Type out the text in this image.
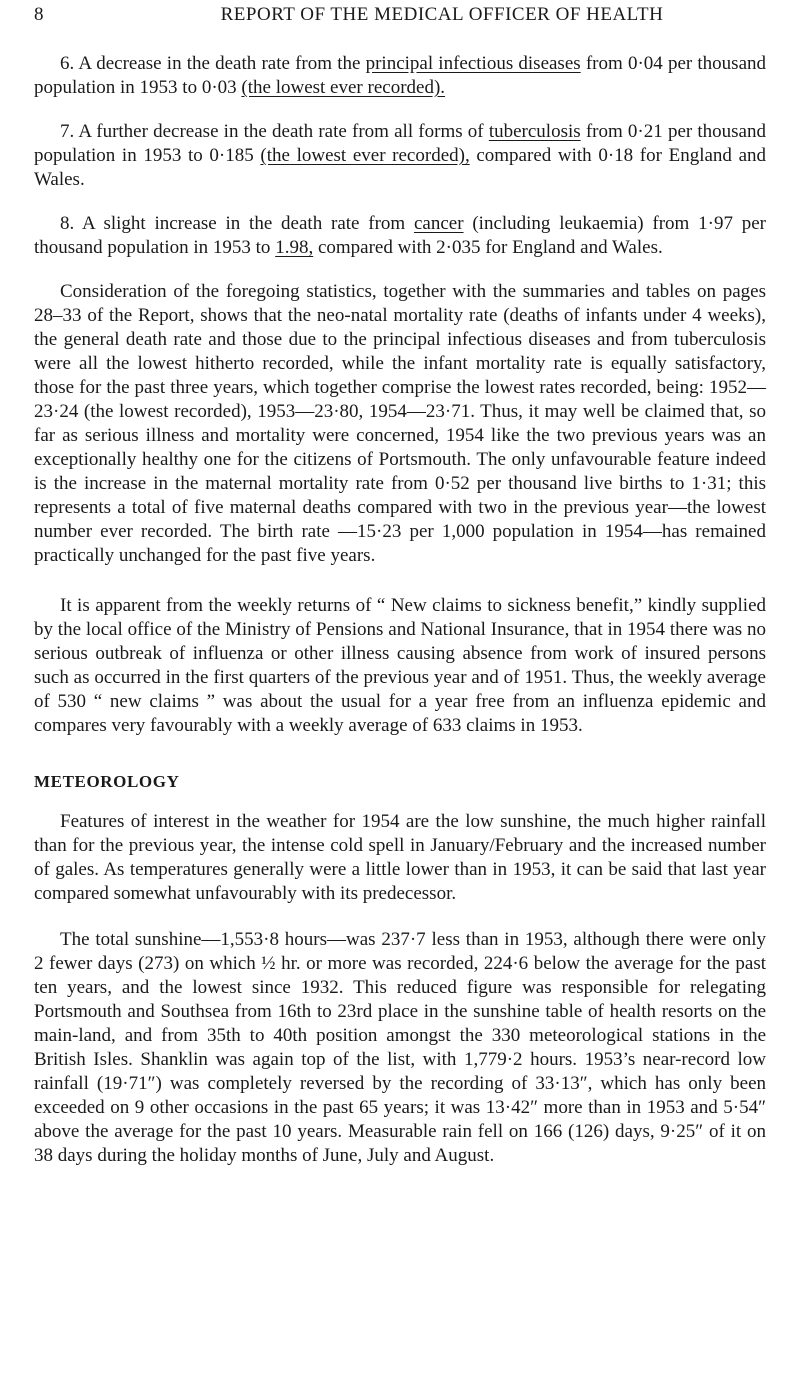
8	REPORT OF THE MEDICAL OFFICER OF HEALTH

6. A decrease in the death rate from the principal infectious diseases from 0·04 per thousand population in 1953 to 0·03 (the lowest ever recorded).

7. A further decrease in the death rate from all forms of tuberculosis from 0·21 per thousand population in 1953 to 0·185 (the lowest ever recorded), compared with 0·18 for England and Wales.

8. A slight increase in the death rate from cancer (including leukaemia) from 1·97 per thousand population in 1953 to 1.98, compared with 2·035 for England and Wales.

Consideration of the foregoing statistics, together with the summaries and tables on pages 28–33 of the Report, shows that the neo-natal mortality rate (deaths of infants under 4 weeks), the general death rate and those due to the principal infectious diseases and from tuberculosis were all the lowest hitherto recorded, while the infant mortality rate is equally satisfactory, those for the past three years, which together comprise the lowest rates recorded, being: 1952—23·24 (the lowest recorded), 1953—23·80, 1954—23·71. Thus, it may well be claimed that, so far as serious illness and mortality were concerned, 1954 like the two previous years was an exceptionally healthy one for the citizens of Portsmouth. The only unfavourable feature indeed is the increase in the maternal mortality rate from 0·52 per thousand live births to 1·31; this represents a total of five maternal deaths compared with two in the previous year—the lowest number ever recorded. The birth rate —15·23 per 1,000 population in 1954—has remained practically unchanged for the past five years.

It is apparent from the weekly returns of “ New claims to sickness benefit,” kindly supplied by the local office of the Ministry of Pensions and National Insurance, that in 1954 there was no serious outbreak of influenza or other illness causing absence from work of insured persons such as occurred in the first quarters of the previous year and of 1951. Thus, the weekly average of 530 “ new claims ” was about the usual for a year free from an influenza epidemic and compares very favourably with a weekly average of 633 claims in 1953.

METEOROLOGY

Features of interest in the weather for 1954 are the low sunshine, the much higher rainfall than for the previous year, the intense cold spell in January/February and the increased number of gales. As temperatures generally were a little lower than in 1953, it can be said that last year compared somewhat unfavourably with its predecessor.

The total sunshine—1,553·8 hours—was 237·7 less than in 1953, although there were only 2 fewer days (273) on which ½ hr. or more was recorded, 224·6 below the average for the past ten years, and the lowest since 1932. This reduced figure was responsible for relegating Portsmouth and Southsea from 16th to 23rd place in the sunshine table of health resorts on the main-land, and from 35th to 40th position amongst the 330 meteorological stations in the British Isles. Shanklin was again top of the list, with 1,779·2 hours. 1953’s near-record low rainfall (19·71″) was completely reversed by the recording of 33·13″, which has only been exceeded on 9 other occasions in the past 65 years; it was 13·42″ more than in 1953 and 5·54″ above the average for the past 10 years. Measurable rain fell on 166 (126) days, 9·25″ of it on 38 days during the holiday months of June, July and August.
